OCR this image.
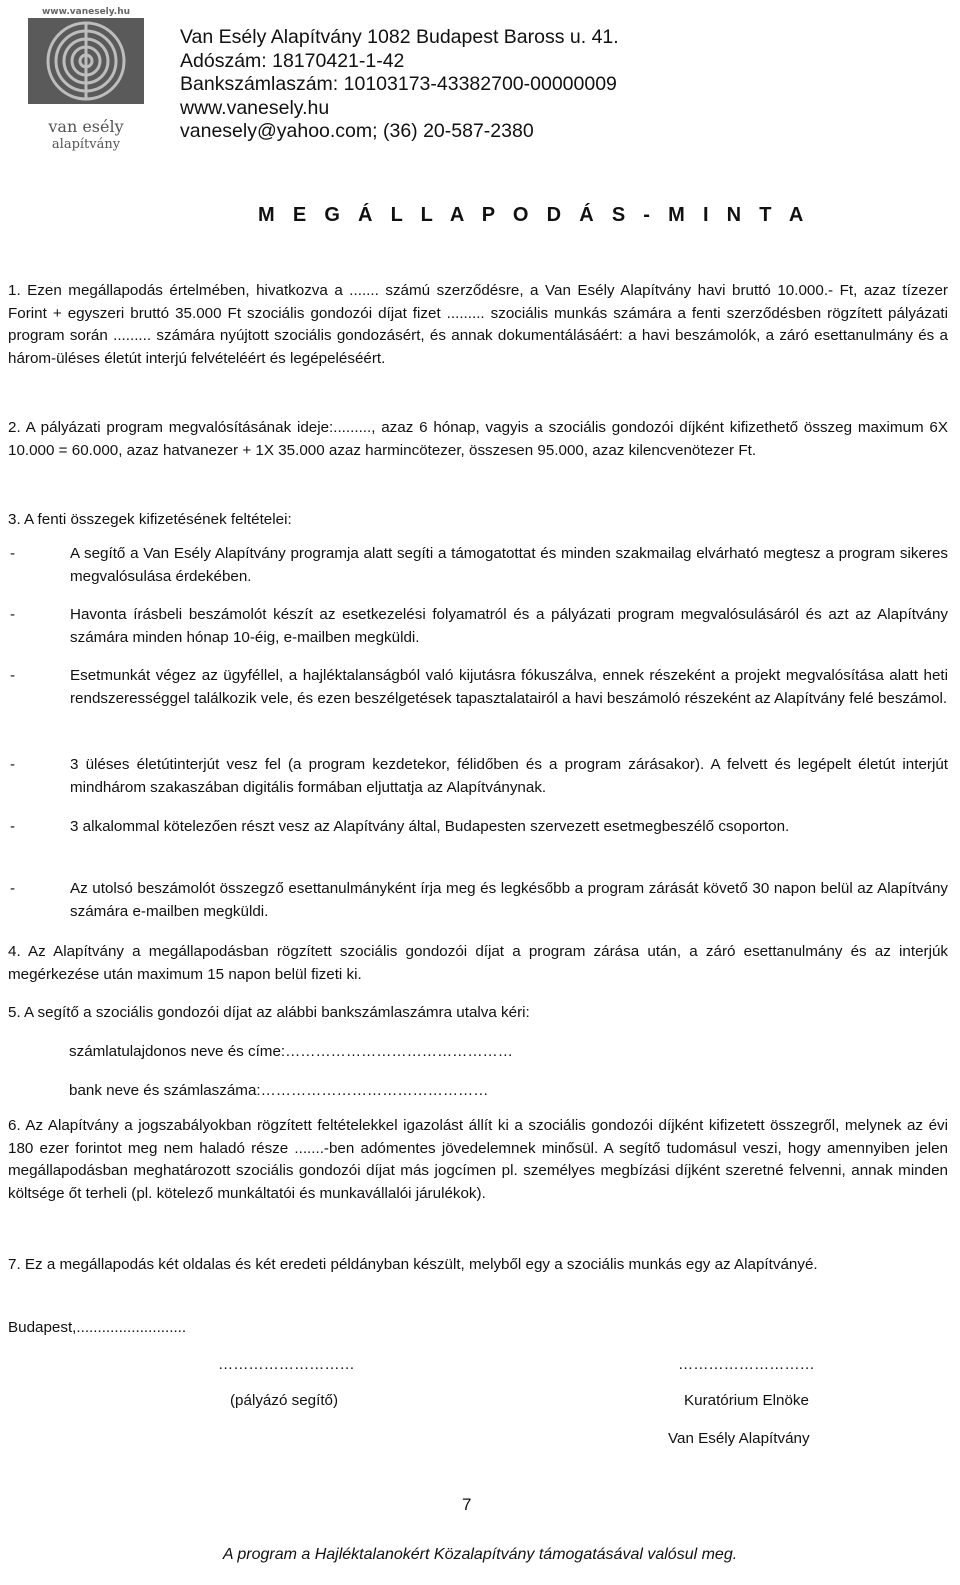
www.vanesely.hu
van esély
alapítvány
Van Esély Alapítvány 1082 Budapest Baross u. 41.
Adószám: 18170421-1-42
Bankszámlaszám: 10103173-43382700-00000009
www.vanesely.hu
vanesely@yahoo.com; (36) 20-587-2380
M E G Á L L A P O D Á S - M I N T A

1. Ezen megállapodás értelmében, hivatkozva a ....... számú szerződésre, a Van Esély Alapítvány havi bruttó 10.000.- Ft, azaz tízezer Forint + egyszeri bruttó 35.000 Ft szociális gondozói díjat fizet ......... szociális munkás számára a fenti szerződésben rögzített pályázati program során ......... számára nyújtott szociális gondozásért, és annak dokumentálásáért: a havi beszámolók, a záró esettanulmány és a három-üléses életút interjú felvételéért és legépeléséért.

2. A pályázati program megvalósításának ideje:........., azaz 6 hónap, vagyis a szociális gondozói díjként kifizethető összeg maximum 6X 10.000 = 60.000, azaz hatvanezer + 1X 35.000 azaz harmincötezer, összesen 95.000, azaz kilencvenötezer Ft.

3. A fenti összegek kifizetésének feltételei:

-	A segítő a Van Esély Alapítvány programja alatt segíti a támogatottat és minden szakmailag elvárható megtesz a program sikeres megvalósulása érdekében.
-	Havonta írásbeli beszámolót készít az esetkezelési folyamatról és a pályázati program megvalósulásáról és azt az Alapítvány számára minden hónap 10-éig, e-mailben megküldi.
-	Esetmunkát végez az ügyféllel, a hajléktalanságból való kijutásra fókuszálva, ennek részeként a projekt megvalósítása alatt heti rendszerességgel találkozik vele, és ezen beszélgetések tapasztalatairól a havi beszámoló részeként az Alapítvány felé beszámol.
-	3 üléses életútinterjút vesz fel (a program kezdetekor, félidőben és a program zárásakor). A felvett és legépelt életút interjút mindhárom szakaszában digitális formában eljuttatja az Alapítványnak.
-	3 alkalommal kötelezően részt vesz az Alapítvány által, Budapesten szervezett esetmegbeszélő csoporton.
-	Az utolsó beszámolót összegző esettanulmányként írja meg és legkésőbb a program zárását követő 30 napon belül az Alapítvány számára e-mailben megküldi.

4. Az Alapítvány a megállapodásban rögzített szociális gondozói díjat a program zárása után, a záró esettanulmány és az interjúk megérkezése után maximum 15 napon belül fizeti ki.

5. A segítő a szociális gondozói díjat az alábbi bankszámlaszámra utalva kéri:

számlatulajdonos neve és címe:………………………………………
bank neve és számlaszáma:………………………………………

6. Az Alapítvány a jogszabályokban rögzített feltételekkel igazolást állít ki a szociális gondozói díjként kifizetett összegről, melynek az évi 180 ezer forintot meg nem haladó része .......-ben adómentes jövedelemnek minősül. A segítő tudomásul veszi, hogy amennyiben jelen megállapodásban meghatározott szociális gondozói díjat más jogcímen pl. személyes megbízási díjként szeretné felvenni, annak minden költsége őt terheli (pl. kötelező munkáltatói és munkavállalói járulékok).

7. Ez a megállapodás két oldalas és két eredeti példányban készült, melyből egy a szociális munkás egy az Alapítványé.

Budapest,..........................
………………………	………………………
(pályázó segítő)	Kuratórium Elnöke
Van Esély Alapítvány
7
A program a Hajléktalanokért Közalapítvány támogatásával valósul meg.
